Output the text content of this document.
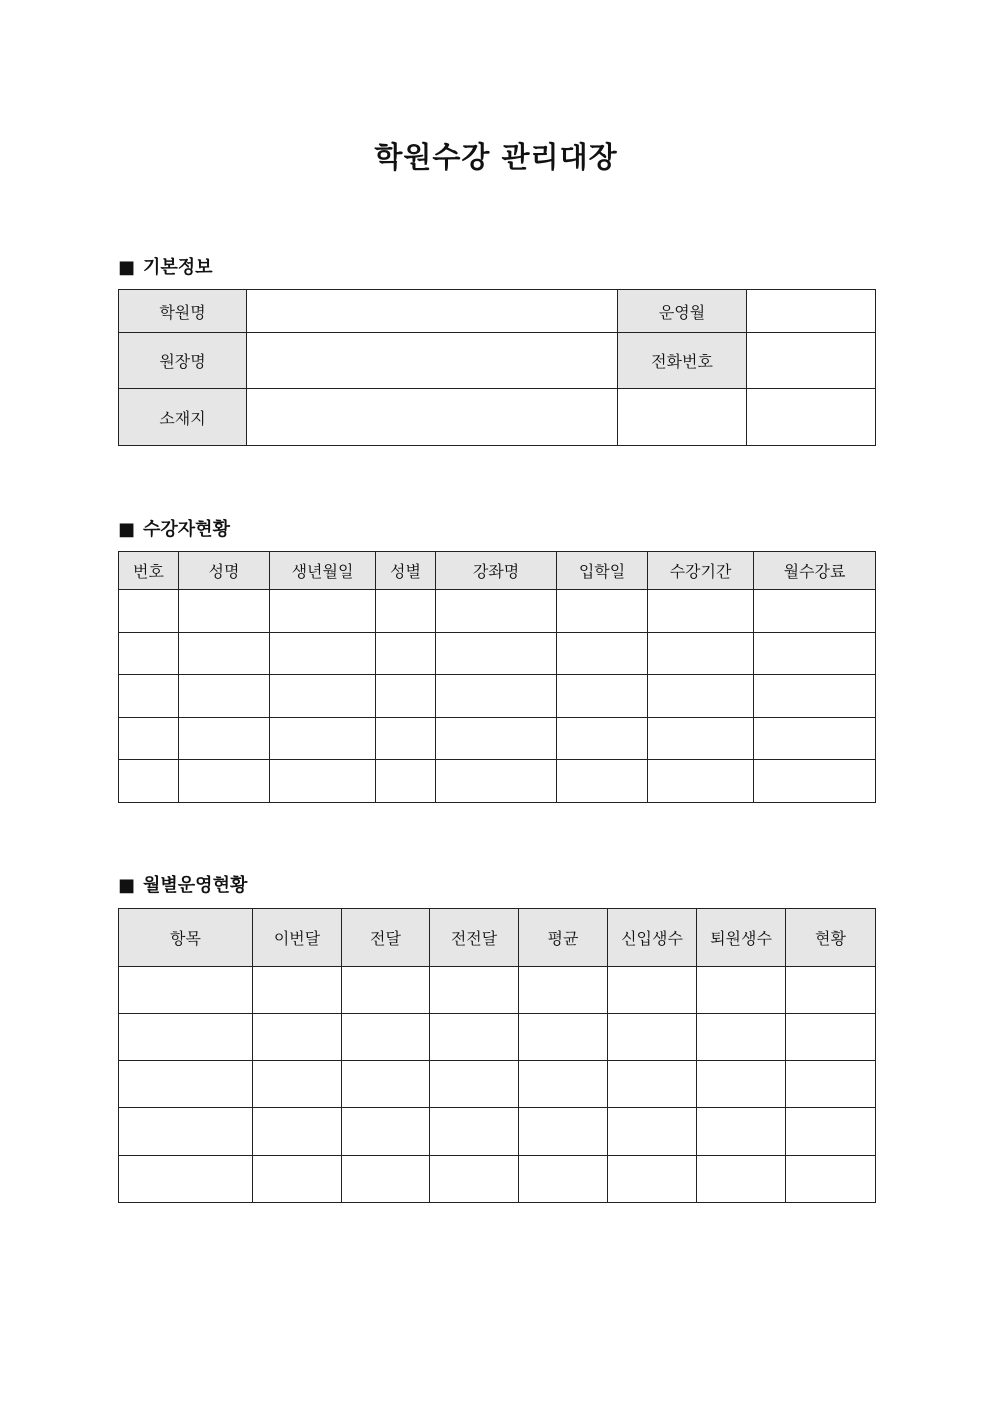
학원수강 관리대장
■ 기본정보
학원명		운영월	
원장명		전화번호	
소재지			
■ 수강자현황
번호	성명	생년월일	성별	강좌명	입학일	수강기간	월수강료

■ 월별운영현황
항목	이번달	전달	전전달	평균	신입생수	퇴원생수	현황
